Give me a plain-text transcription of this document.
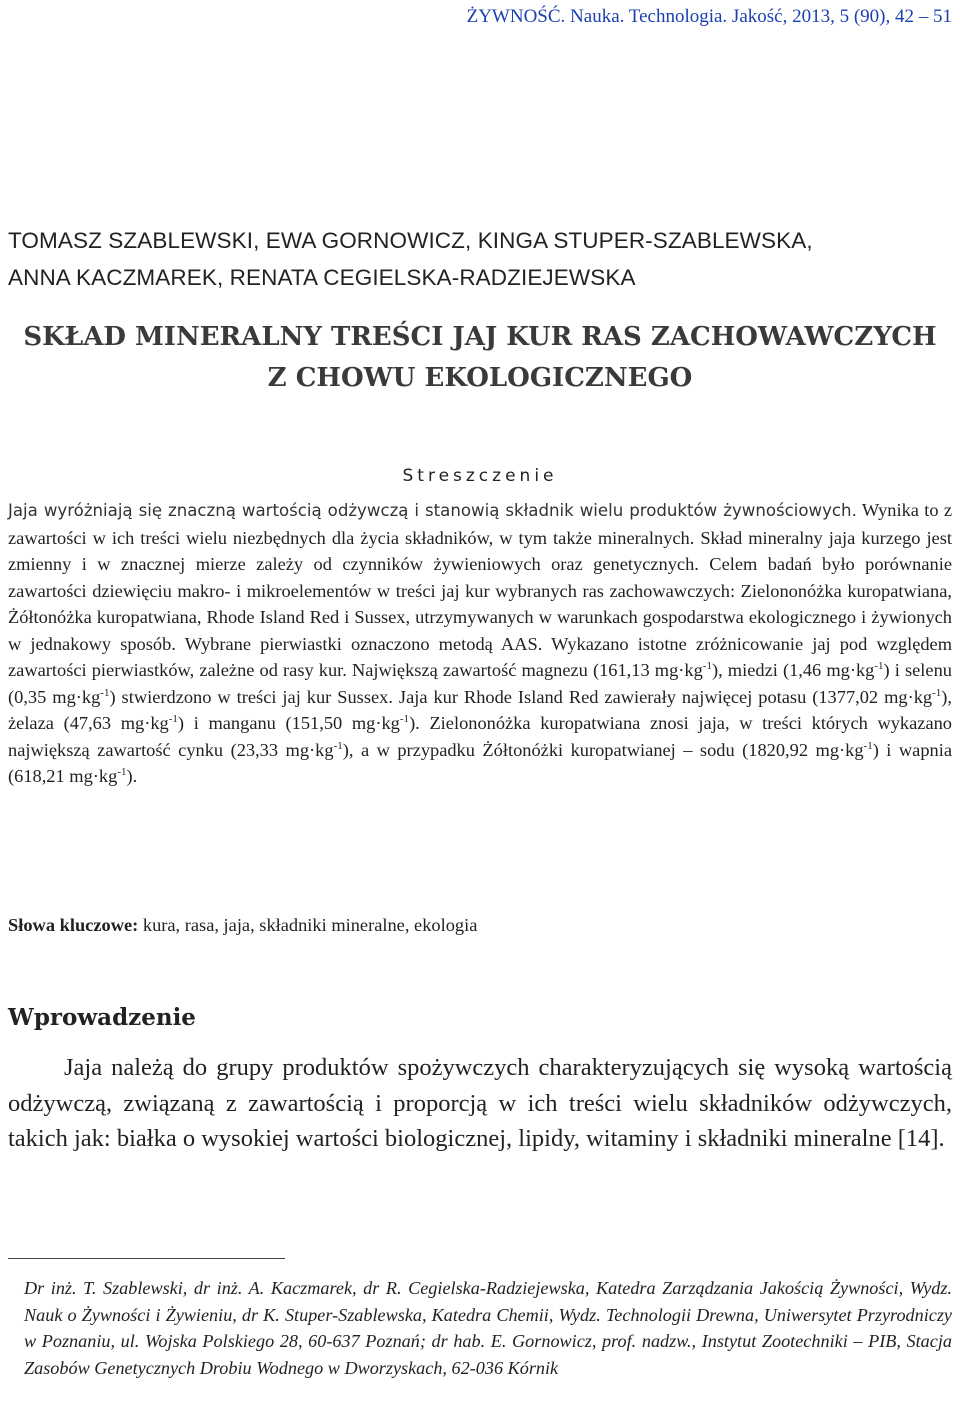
ŻYWNOŚĆ. Nauka. Technologia. Jakość, 2013, 5 (90), 42 – 51
TOMASZ SZABLEWSKI, EWA GORNOWICZ, KINGA STUPER-SZABLEWSKA,
ANNA KACZMAREK, RENATA CEGIELSKA-RADZIEJEWSKA
SKŁAD MINERALNY TREŚCI JAJ KUR RAS ZACHOWAWCZYCH
Z CHOWU EKOLOGICZNEGO
Streszczenie
Jaja wyróżniają się znaczną wartością odżywczą i stanowią składnik wielu produktów żywnościowych. Wynika to z zawartości w ich treści wielu niezbędnych dla życia składników, w tym także mineralnych. Skład mineralny jaja kurzego jest zmienny i w znacznej mierze zależy od czynników żywieniowych oraz genetycznych. Celem badań było porównanie zawartości dziewięciu makro- i mikroelementów w treści jaj kur wybranych ras zachowawczych: Zielononóżka kuropatwiana, Żółtonóżka kuropatwiana, Rhode Island Red i Sussex, utrzymywanych w warunkach gospodarstwa ekologicznego i żywionych w jednakowy sposób. Wybrane pierwiastki oznaczono metodą AAS. Wykazano istotne zróżnicowanie jaj pod względem zawartości pierwiastków, zależne od rasy kur. Największą zawartość magnezu (161,13 $mg\cdot kg^{-1}$), miedzi (1,46 $mg\cdot kg^{-1}$) i selenu (0,35 $mg\cdot kg^{-1}$) stwierdzono w treści jaj kur Sussex. Jaja kur Rhode Island Red zawierały najwięcej potasu (1377,02 $mg\cdot kg^{-1}$), żelaza (47,63 $mg\cdot kg^{-1}$) i manganu (151,50 $mg\cdot kg^{-1}$). Zielononóżka kuropatwiana znosi jaja, w treści których wykazano największą zawartość cynku (23,33 $mg\cdot kg^{-1}$), a w przypadku Żółtonóżki kuropatwianej – sodu (1820,92 $mg\cdot kg^{-1}$) i wapnia (618,21 $mg\cdot kg^{-1}$).
Słowa kluczowe: kura, rasa, jaja, składniki mineralne, ekologia
Wprowadzenie
Jaja należą do grupy produktów spożywczych charakteryzujących się wysoką wartością odżywczą, związaną z zawartością i proporcją w ich treści wielu składników odżywczych, takich jak: białka o wysokiej wartości biologicznej, lipidy, witaminy i składniki mineralne [14].
Dr inż. T. Szablewski, dr inż. A. Kaczmarek, dr R. Cegielska-Radziejewska, Katedra Zarządzania Jakością Żywności, Wydz. Nauk o Żywności i Żywieniu, dr K. Stuper-Szablewska, Katedra Chemii, Wydz. Technologii Drewna, Uniwersytet Przyrodniczy w Poznaniu, ul. Wojska Polskiego 28, 60-637 Poznań; dr hab. E. Gornowicz, prof. nadzw., Instytut Zootechniki – PIB, Stacja Zasobów Genetycznych Drobiu Wodnego w Dworzyskach, 62-036 Kórnik
